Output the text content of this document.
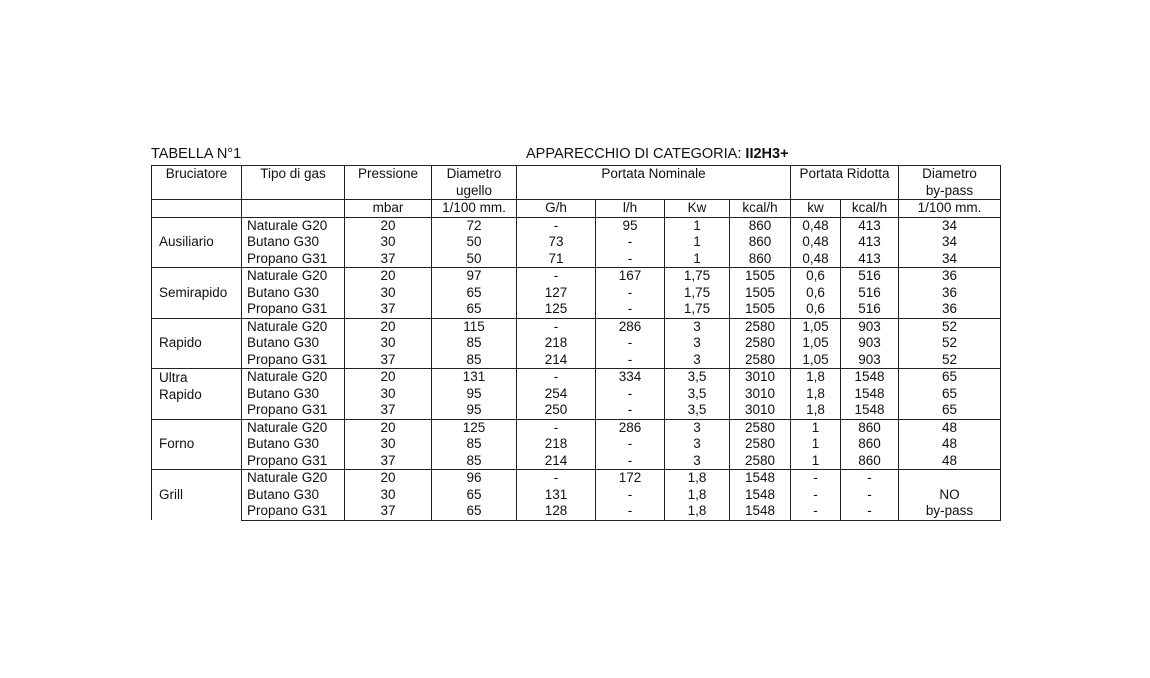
TABELLA N°1	APPARECCHIO DI CATEGORIA: II2H3+
Bruciatore	Tipo di gas	Pressione	Diametro	Portata Nominale				Portata Ridotta		Diametro
			ugello							by-pass
		mbar	1/100 mm.	G/h	l/h	Kw	kcal/h	kw	kcal/h	1/100 mm.

Ausiliario	Naturale G20	20	72	-	95	1	860	0,48	413	34
	Butano G30	30	50	73	-	1	860	0,48	413	34
	Propano G31	37	50	71	-	1	860	0,48	413	34

Semirapido	Naturale G20	20	97	-	167	1,75	1505	0,6	516	36
	Butano G30	30	65	127	-	1,75	1505	0,6	516	36
	Propano G31	37	65	125	-	1,75	1505	0,6	516	36

Rapido	Naturale G20	20	115	-	286	3	2580	1,05	903	52
	Butano G30	30	85	218	-	3	2580	1,05	903	52
	Propano G31	37	85	214	-	3	2580	1,05	903	52

Ultra
Rapido	Naturale G20	20	131	-	334	3,5	3010	1,8	1548	65
	Butano G30	30	95	254	-	3,5	3010	1,8	1548	65
	Propano G31	37	95	250	-	3,5	3010	1,8	1548	65

Forno	Naturale G20	20	125	-	286	3	2580	1	860	48
	Butano G30	30	85	218	-	3	2580	1	860	48
	Propano G31	37	85	214	-	3	2580	1	860	48

Grill	Naturale G20	20	96	-	172	1,8	1548	-	-	
	Butano G30	30	65	131	-	1,8	1548	-	-	NO
	Propano G31	37	65	128	-	1,8	1548	-	-	by-pass
